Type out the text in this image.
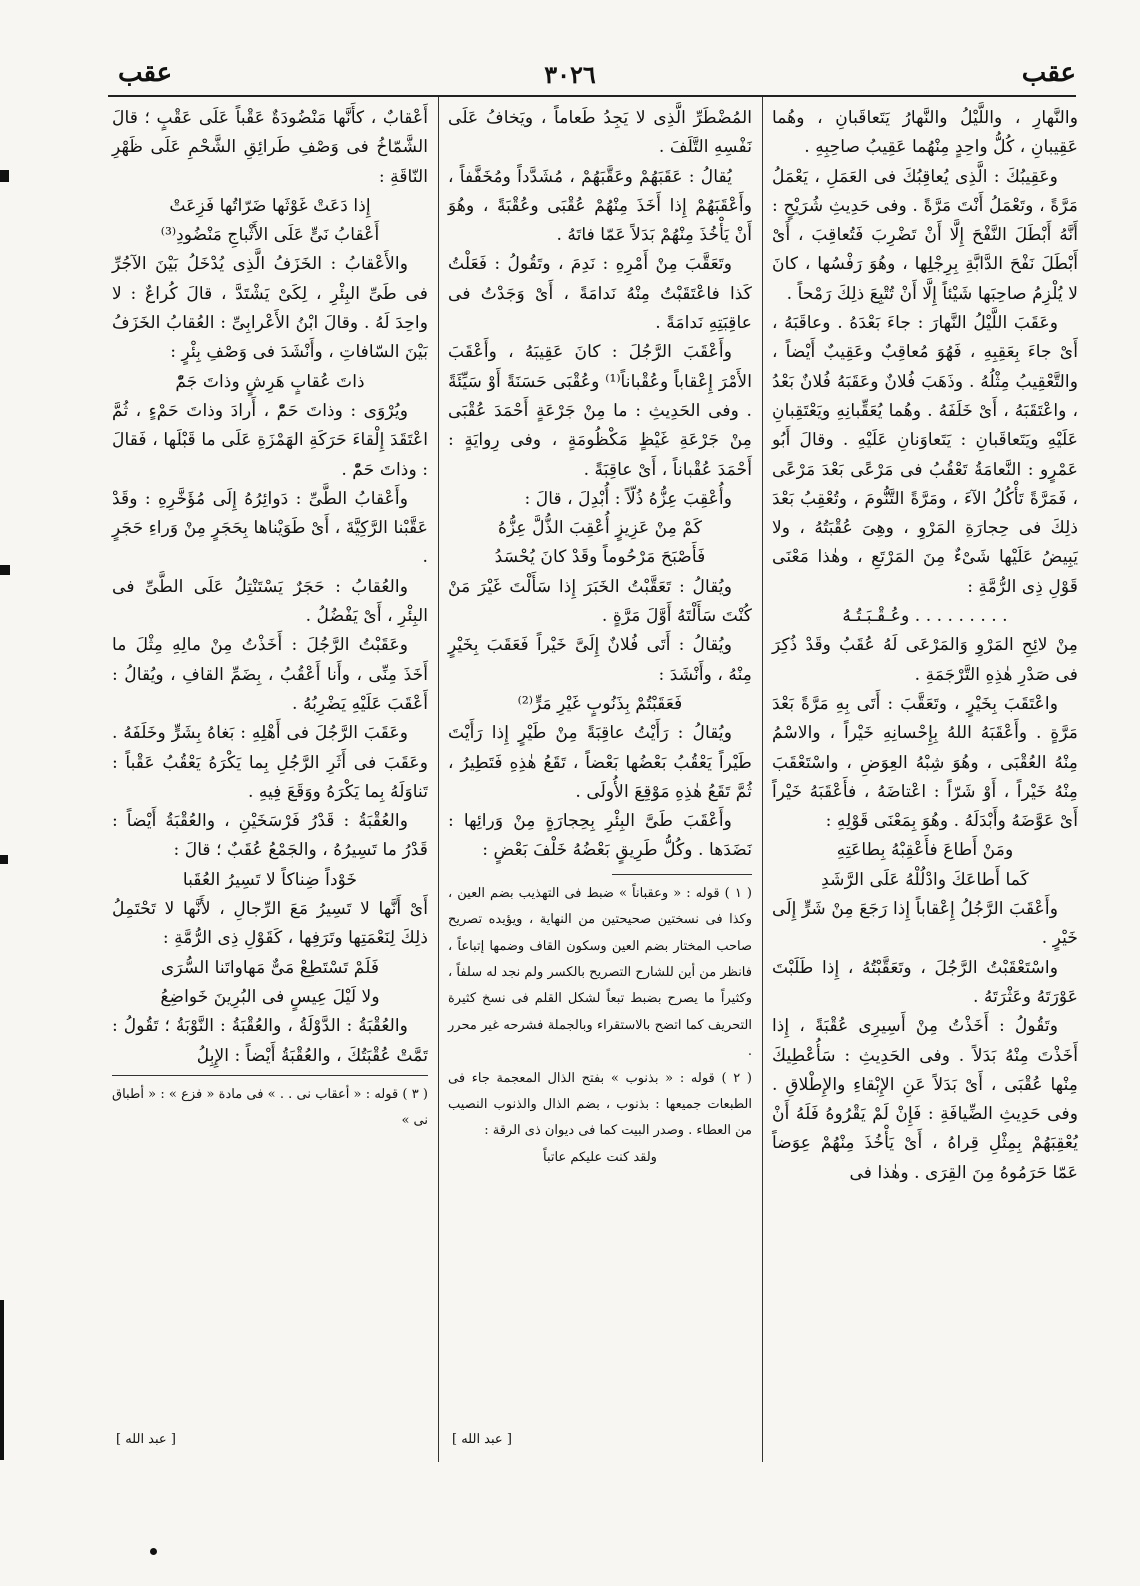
عقب
٣٠٢٦
عقب

والنَّهارِ ، واللَّيْلُ والنَّهارُ يَتَعاقَبانِ ، وهُما عَقِيبانِ ، كُلُّ واحِدٍ مِنْهُما عَقِيبُ صاحِبِهِ .

وعَقِيبُكَ : الَّذِى يُعاقِبُكَ فى العَمَلِ ، يَعْمَلُ مَرَّةً ، وتَعْمَلُ أَنْتَ مَرَّةً . وفى حَدِيثِ شُرَيْحٍ : أَنَّهُ أَبْطَلَ النَّفْحَ إِلَّا أَنْ تَضْرِبَ فَتُعاقِبَ ، أَىْ أَبْطَلَ نَفْحَ الدَّابَّةِ بِرِجْلِها ، وهُوَ رَفْسُها ، كانَ لا يُلْزِمُ صاحِبَها شَيْئاً إِلَّا أَنْ تُتْبِعَ ذلِكَ رَمْحاً .

وعَقَبَ اللَّيْلُ النَّهارَ : جاءَ بَعْدَهُ . وعاقَبَهُ ، أَىْ جاءَ بِعَقِبِهِ ، فَهُوَ مُعاقِبٌ وعَقِيبٌ أَيْضاً ، والتَّعْقِيبُ مِثْلُهُ . وذَهَبَ فُلانٌ وعَقَبَهُ فُلانٌ بَعْدُ ، واعْتَقَبَهُ ، أَىْ خَلَفَهُ . وهُما يُعَقِّبانِهِ ويَعْتَقِبانِ عَلَيْهِ ويَتَعاقَبانِ : يَتَعاوَنانِ عَلَيْهِ . وقالَ أَبُو عَمْرٍو : النَّعامَةُ تَعْقُبُ فى مَرْعًى بَعْدَ مَرْعًى ، فَمَرَّةً تَأْكُلُ الآءَ ، ومَرَّةً التَّنُّومَ ، وتُعْقِبُ بَعْدَ ذلِكَ فى حِجارَةِ المَرْوِ ، وهِىَ عُقْبَتُهُ ، ولا يَبِيضُ عَلَيْها شَىْءٌ مِنَ المَرْتَعِ ، وهٰذا مَعْنَى قَوْلِ ذِى الرُّمَّةِ :

. . . . . . . . . وعُـقْـبَـتُـهُ

مِنْ لائِحِ المَرْوِ وَالمَرْعَى لَهُ عُقَبُ وقَدْ ذُكِرَ فى صَدْرِ هٰذِهِ التَّرْجَمَةِ .

واعْتَقَبَ بِخَيْرٍ ، وتَعَقَّبَ : أَتَى بِهِ مَرَّةً بَعْدَ مَرَّةٍ . وأَعْقَبَهُ اللهُ بِإِحْسانِهِ خَيْراً ، والاسْمُ مِنْهُ العُقْبَى ، وهُوَ شِبْهُ العِوَضِ ، واسْتَعْقَبَ مِنْهُ خَيْراً ، أَوْ شَرّاً : اعْتاضَهُ ، فأَعْقَبَهُ خَيْراً أَىْ عَوَّضَهُ وأَبْدَلَهُ . وهُوَ بِمَعْنَى قَوْلِهِ :

ومَنْ أَطاعَ فأَعْقِبْهُ بِطاعَتِهِ

كَما أَطاعَكَ وادْلُلْهُ عَلَى الرَّشَدِ

وأَعْقَبَ الرَّجُلُ إِعْقاباً إِذا رَجَعَ مِنْ شَرٍّ إِلَى خَيْرٍ .

واسْتَعْقَبْتُ الرَّجُلَ ، وتَعَقَّبْتُهُ ، إِذا طَلَبْتَ عَوْرَتَهُ وعَثْرَتَهُ .

وتَقُولُ : أَخَذْتُ مِنْ أَسِيرِى عُقْبَةً ، إِذا أَخَذْتَ مِنْهُ بَدَلاً . وفى الحَدِيثِ : سَأُعْطِيكَ مِنْها عُقْبَى ، أَىْ بَدَلاً عَنِ الإِبْقاءِ والإِطْلاقِ . وفى حَدِيثِ الضِّيافَةِ : فَإِنْ لَمْ يَقْرُوهُ فَلَهُ أَنْ يُعْقِبَهُمْ بِمِثْلِ قِراهُ ، أَىْ يَأْخُذَ مِنْهُمْ عِوَضاً عَمّا حَرَمُوهُ مِنَ القِرَى . وهٰذا فى

المُضْطَرِّ الَّذِى لا يَجِدُ طَعاماً ، ويَخافُ عَلَى نَفْسِهِ التَّلَفَ .

يُقالُ : عَقَبَهُمْ وعَقَّبَهُمْ ، مُشَدَّداً ومُخَفَّفاً ، وأَعْقَبَهُمْ إِذا أَخَذَ مِنْهُمْ عُقْبَى وعُقْبَةً ، وهُوَ أَنْ يَأْخُذَ مِنْهُمْ بَدَلاً عَمّا فاتَهُ .

وتَعَقَّبَ مِنْ أَمْرِهِ : نَدِمَ ، وتَقُولُ : فَعَلْتُ كَذا فاعْتَقَبْتُ مِنْهُ نَدامَةً ، أَىْ وَجَدْتُ فى عاقِبَتِهِ نَدامَةً .

وأَعْقَبَ الرَّجُلَ : كانَ عَقِيبَهُ ، وأَعْقَبَ الأَمْرَ إِعْقاباً وعُقْباناً⁽¹⁾ وعُقْبَى حَسَنَةً أَوْ سَيِّئَةً . وفى الحَدِيثِ : ما مِنْ جَرْعَةٍ أَحْمَدَ عُقْبَى مِنْ جَرْعَةِ غَيْظٍ مَكْظُومَةٍ ، وفى رِوايَةٍ : أَحْمَدَ عُقْباناً ، أَىْ عاقِبَةً .

وأُعْقِبَ عِزُّهُ ذُلّاً : أُبْدِلَ ، قالَ :

كَمْ مِنْ عَزِيزٍ أُعْقِبَ الذُّلَّ عِزُّهُ

فَأَصْبَحَ مَرْحُوماً وقَدْ كانَ يُحْسَدُ

ويُقالُ : تَعَقَّبْتُ الخَبَرَ إِذا سَأَلْتَ غَيْرَ مَنْ كُنْتَ سَأَلْتَهُ أَوَّلَ مَرَّةٍ .

ويُقالُ : أَتَى فُلانٌ إِلَىَّ خَيْراً فَعَقَبَ بِخَيْرٍ مِنْهُ ، وأَنْشَدَ :

فَعَقَبْتُمْ بِذَنُوبٍ غَيْرِ مَرٍّ⁽²⁾

ويُقالُ : رَأَيْتُ عاقِبَةً مِنْ طَيْرٍ إِذا رَأَيْتَ طَيْراً يَعْقُبُ بَعْضُها بَعْضاً ، تَقَعُ هٰذِهِ فَتَطِيرُ ، ثُمَّ تَقَعُ هٰذِهِ مَوْقِعَ الأُولَى .

وأَعْقَبَ طَىَّ البِئْرِ بِحِجارَةٍ مِنْ وَرائِها : نَضَدَها . وكُلُّ طَرِيقٍ بَعْضُهُ خَلْفَ بَعْضٍ :

( ١ ) قوله : « وعقباناً » ضبط فى التهذيب بضم العين ، وكذا فى نسختين صحيحتين من النهاية ، ويؤيده تصريح صاحب المختار بضم العين وسكون القاف وضمها إتباعاً ، فانظر من أين للشارح التصريح بالكسر ولم نجد له سلفاً ، وكثيراً ما يصرح بضبط تبعاً لشكل القلم فى نسخ كثيرة التحريف كما اتضح بالاستقراء وبالجملة فشرحه غير محرر .

( ٢ ) قوله : « بذنوب » بفتح الذال المعجمة جاء فى الطبعات جميعها : بذنوب ، بضم الذال والذنوب النصيب من العطاء . وصدر البيت كما فى ديوان ذى الرقة :

ولقد كنت عليكم عاتباً

[ عبد الله ]

أَعْقابٌ ، كأَنَّها مَنْضُودَةٌ عَقْباً عَلَى عَقْبٍ ؛ قالَ الشَّمّاخُ فى وَصْفِ طَرائِقِ الشَّحْمِ عَلَى ظَهْرِ النّاقَةِ :

إِذا دَعَتْ غَوْثَها ضَرّاتُها فَزِعَتْ

أَعْقابُ نَىٍّ عَلَى الأَثْباجِ مَنْضُودِ⁽³⁾

والأَعْقابُ : الخَزَفُ الَّذِى يُدْخَلُ بَيْنَ الآجُرِّ فى طَىِّ البِئْرِ ، لِكَىْ يَشْتَدَّ ، قالَ كُراعٌ : لا واحِدَ لَهُ . وقالَ ابْنُ الأَعْرابِىِّ : العُقابُ الخَزَفُ بَيْنَ السّافاتِ ، وأَنْشَدَ فى وَصْفِ بِئْرٍ :

ذاتَ عُقابٍ هَرِشٍ وذاتَ جَمّْ

ويُرْوَى : وذاتَ حَمّْ ، أَرادَ وذاتَ حَمْءٍ ، ثُمَّ اعْتَقَدَ إِلْقاءَ حَرَكَةِ الهَمْزَةِ عَلَى ما قَبْلَها ، فَقالَ : وذاتَ حَمّْ .

وأَعْقابُ الطَّىِّ : دَوائِرُهُ إِلَى مُؤَخَّرِهِ : وقَدْ عَقَّبْنا الرَّكِيَّةَ ، أَىْ طَوَيْناها بِحَجَرٍ مِنْ وَراءِ حَجَرٍ .

والعُقابُ : حَجَرٌ يَسْتَنْتِلُ عَلَى الطَّىِّ فى البِئْرِ ، أَىْ يَفْضُلُ .

وعَقَبْتُ الرَّجُلَ : أَخَذْتُ مِنْ مالِهِ مِثْلَ ما أَخَذَ مِنِّى ، وأَنا أَعْقُبُ ، بِضَمِّ القافِ ، ويُقالُ : أَعْقَبَ عَلَيْهِ يَضْرِبُهُ .

وعَقَبَ الرَّجُلَ فى أَهْلِهِ : بَغاهُ بِشَرٍّ وخَلَفَهُ . وعَقَبَ فى أَثَرِ الرَّجُلِ بِما يَكْرَهُ يَعْقُبُ عَقْباً : تَناوَلَهُ بِما يَكْرَهُ ووَقَعَ فِيهِ .

والعُقْبَةُ : قَدْرُ فَرْسَخَيْنِ ، والعُقْبَةُ أَيْضاً : قَدْرُ ما تَسِيرُهُ ، والجَمْعُ عُقَبٌ ؛ قالَ :

خَوْداً ضِناكاً لا تَسِيرُ العُقَبا

أَىْ أَنَّها لا تَسِيرُ مَعَ الرِّجالِ ، لأَنَّها لا تَحْتَمِلُ ذلِكَ لِنَعْمَتِها وتَرَفِها ، كَقَوْلِ ذِى الرُّمَّةِ :

فَلَمْ تَسْتَطِعْ مَىٌّ مَهاواتَنا السُّرَى

ولا لَيْلَ عِيسٍ فى البُرِينَ خَواضِعُ

والعُقْبَةُ : الدَّوْلَةُ ، والعُقْبَةُ : النَّوْبَةُ ؛ تَقُولُ : تَمَّتْ عُقْبَتُكَ ، والعُقْبَةُ أَيْضاً : الإِبِلُ

( ٣ ) قوله : « أعقاب نى . . » فى مادة « فزع » : « أطباق نى »

[ عبد الله ]
